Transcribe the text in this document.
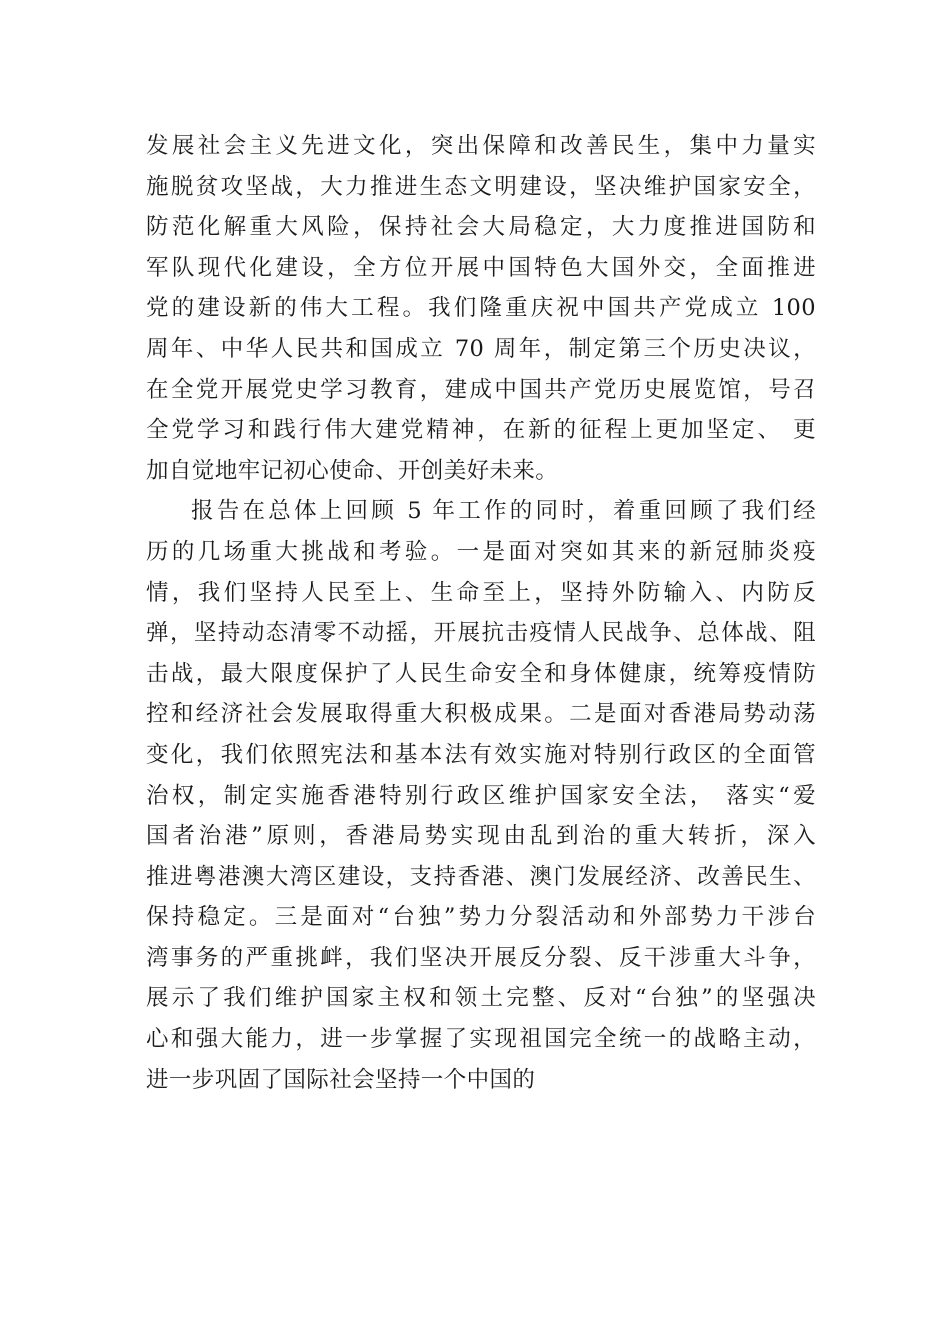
发展社会主义先进文化，突出保障和改善民生，集中力量实
施脱贫攻坚战，大力推进生态文明建设，坚决维护国家安全，
防范化解重大风险，保持社会大局稳定，大力度推进国防和
军队现代化建设，全方位开展中国特色大国外交，全面推进
党的建设新的伟大工程。我们隆重庆祝中国共产党成立 100
周年、中华人民共和国成立 70 周年，制定第三个历史决议，
在全党开展党史学习教育，建成中国共产党历史展览馆，号召
全党学习和践行伟大建党精神，在新的征程上更加坚定、 更
加自觉地牢记初心使命、开创美好未来。
报告在总体上回顾 5 年工作的同时，着重回顾了我们经
历的几场重大挑战和考验。一是面对突如其来的新冠肺炎疫
情，我们坚持人民至上、生命至上，坚持外防输入、内防反
弹，坚持动态清零不动摇，开展抗击疫情人民战争、总体战、阻
击战，最大限度保护了人民生命安全和身体健康，统筹疫情防
控和经济社会发展取得重大积极成果。二是面对香港局势动荡
变化，我们依照宪法和基本法有效实施对特别行政区的全面管
治权，制定实施香港特别行政区维护国家安全法， 落实“爱
国者治港”原则，香港局势实现由乱到治的重大转折，深入
推进粤港澳大湾区建设，支持香港、澳门发展经济、改善民生、
保持稳定。三是面对“台独”势力分裂活动和外部势力干涉台
湾事务的严重挑衅，我们坚决开展反分裂、反干涉重大斗争，
展示了我们维护国家主权和领土完整、反对“台独”的坚强决
心和强大能力，进一步掌握了实现祖国完全统一的战略主动，
进一步巩固了国际社会坚持一个中国的
